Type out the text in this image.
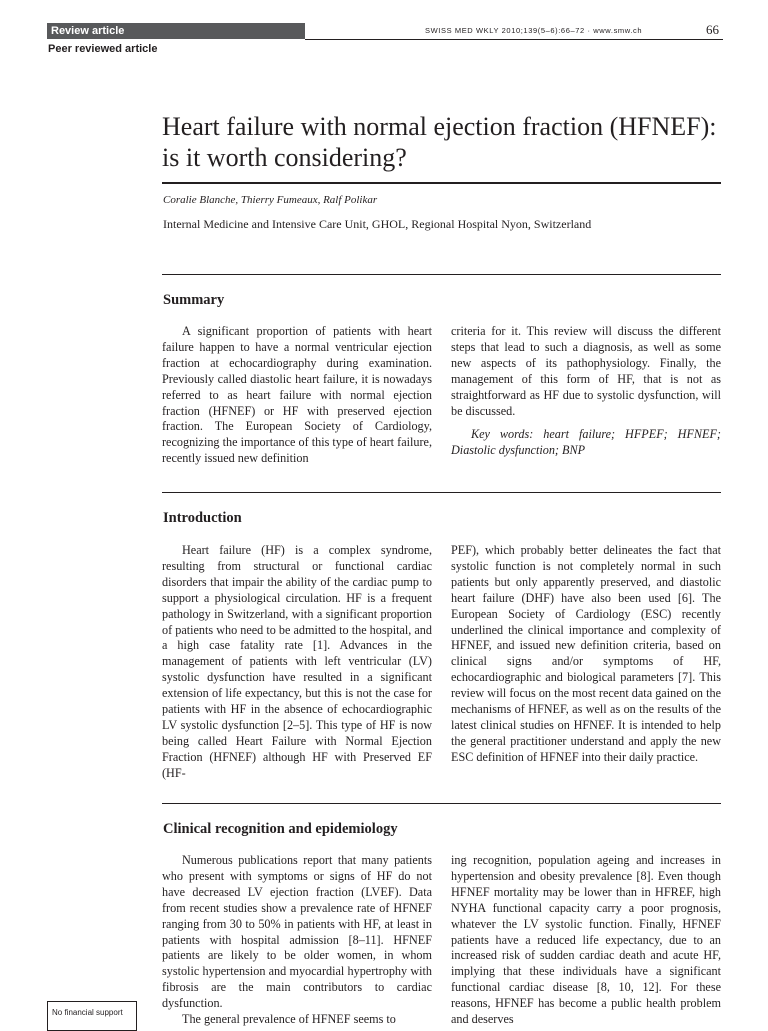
Review article	SWISS MED WKLY 2010;139(5–6):66–72 · www.smw.ch	66
Peer reviewed article
Heart failure with normal ejection fraction (HFNEF): is it worth considering?
Coralie Blanche, Thierry Fumeaux, Ralf Polikar
Internal Medicine and Intensive Care Unit, GHOL, Regional Hospital Nyon, Switzerland
Summary

A significant proportion of patients with heart failure happen to have a normal ventricular ejection fraction at echocardiography during examination. Previously called diastolic heart failure, it is nowadays referred to as heart failure with normal ejection fraction (HFNEF) or HF with preserved ejection fraction. The European Society of Cardiology, recognizing the importance of this type of heart failure, recently issued new definition

criteria for it. This review will discuss the different steps that lead to such a diagnosis, as well as some new aspects of its pathophysiology. Finally, the management of this form of HF, that is not as straightforward as HF due to systolic dysfunction, will be discussed.

Key words: heart failure; HFPEF; HFNEF; Diastolic dysfunction; BNP

Introduction

Heart failure (HF) is a complex syndrome, resulting from structural or functional cardiac disorders that impair the ability of the cardiac pump to support a physiological circulation. HF is a frequent pathology in Switzerland, with a significant proportion of patients who need to be admitted to the hospital, and a high case fatality rate [1]. Advances in the management of patients with left ventricular (LV) systolic dysfunction have resulted in a significant extension of life expectancy, but this is not the case for patients with HF in the absence of echocardiographic LV systolic dysfunction [2–5]. This type of HF is now being called Heart Failure with Normal Ejection Fraction (HFNEF) although HF with Preserved EF (HF-

PEF), which probably better delineates the fact that systolic function is not completely normal in such patients but only apparently preserved, and diastolic heart failure (DHF) have also been used [6]. The European Society of Cardiology (ESC) recently underlined the clinical importance and complexity of HFNEF, and issued new definition criteria, based on clinical signs and/or symptoms of HF, echocardiographic and biological parameters [7]. This review will focus on the most recent data gained on the mechanisms of HFNEF, as well as on the results of the latest clinical studies on HFNEF. It is intended to help the general practitioner understand and apply the new ESC definition of HFNEF into their daily practice.

Clinical recognition and epidemiology

Numerous publications report that many patients who present with symptoms or signs of HF do not have decreased LV ejection fraction (LVEF). Data from recent studies show a prevalence rate of HFNEF ranging from 30 to 50% in patients with HF, at least in patients with hospital admission [8–11]. HFNEF patients are likely to be older women, in whom systolic hypertension and myocardial hypertrophy with fibrosis are the main contributors to cardiac dysfunction.

The general prevalence of HFNEF seems to

ing recognition, population ageing and increases in hypertension and obesity prevalence [8]. Even though HFNEF mortality may be lower than in HFREF, high NYHA functional capacity carry a poor prognosis, whatever the LV systolic function. Finally, HFNEF patients have a reduced life expectancy, due to an increased risk of sudden cardiac death and acute HF, implying that these individuals have a significant functional cardiac disease [8, 10, 12]. For these reasons, HFNEF has become a public health problem and deserves

No financial support
